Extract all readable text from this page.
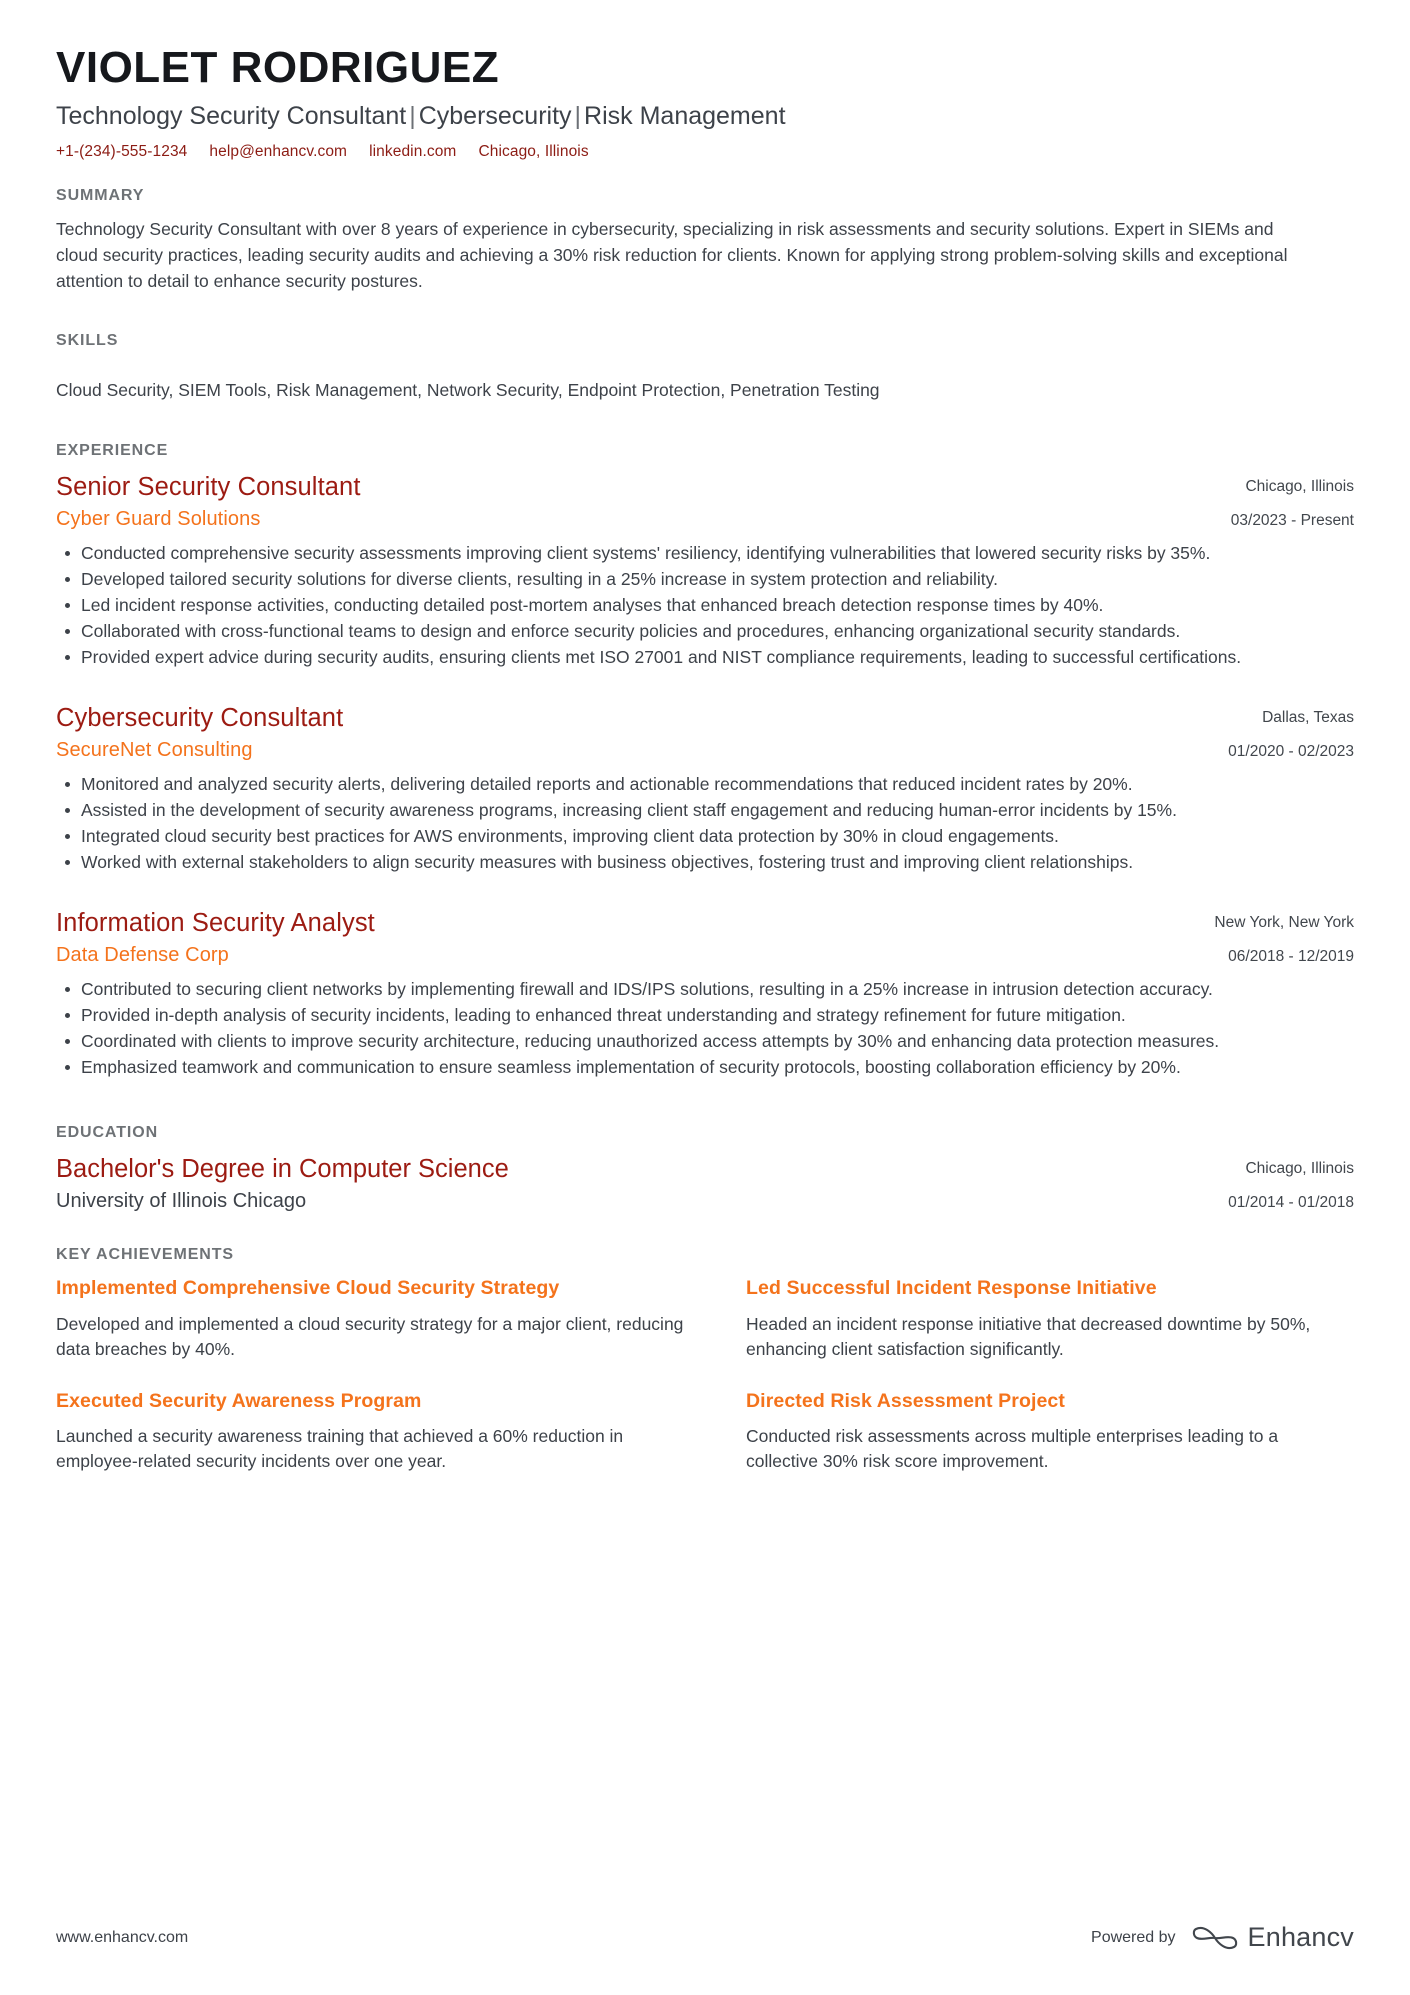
VIOLET RODRIGUEZ
Technology Security Consultant | Cybersecurity | Risk Management
+1-(234)-555-1234 help@enhancv.com linkedin.com Chicago, Illinois
SUMMARY

Technology Security Consultant with over 8 years of experience in cybersecurity, specializing in risk assessments and security solutions. Expert in SIEMs and cloud security practices, leading security audits and achieving a 30% risk reduction for clients. Known for applying strong problem-solving skills and exceptional attention to detail to enhance security postures.

SKILLS

Cloud Security, SIEM Tools, Risk Management, Network Security, Endpoint Protection, Penetration Testing

EXPERIENCE
Senior Security Consultant
Cyber Guard Solutions
Chicago, Illinois
03/2023 - Present
Conducted comprehensive security assessments improving client systems' resiliency, identifying vulnerabilities that lowered security risks by 35%.
Developed tailored security solutions for diverse clients, resulting in a 25% increase in system protection and reliability.
Led incident response activities, conducting detailed post-mortem analyses that enhanced breach detection response times by 40%.
Collaborated with cross-functional teams to design and enforce security policies and procedures, enhancing organizational security standards.
Provided expert advice during security audits, ensuring clients met ISO 27001 and NIST compliance requirements, leading to successful certifications.
Cybersecurity Consultant
SecureNet Consulting
Dallas, Texas
01/2020 - 02/2023
Monitored and analyzed security alerts, delivering detailed reports and actionable recommendations that reduced incident rates by 20%.
Assisted in the development of security awareness programs, increasing client staff engagement and reducing human-error incidents by 15%.
Integrated cloud security best practices for AWS environments, improving client data protection by 30% in cloud engagements.
Worked with external stakeholders to align security measures with business objectives, fostering trust and improving client relationships.
Information Security Analyst
Data Defense Corp
New York, New York
06/2018 - 12/2019
Contributed to securing client networks by implementing firewall and IDS/IPS solutions, resulting in a 25% increase in intrusion detection accuracy.
Provided in-depth analysis of security incidents, leading to enhanced threat understanding and strategy refinement for future mitigation.
Coordinated with clients to improve security architecture, reducing unauthorized access attempts by 30% and enhancing data protection measures.
Emphasized teamwork and communication to ensure seamless implementation of security protocols, boosting collaboration efficiency by 20%.
EDUCATION
Bachelor's Degree in Computer Science
University of Illinois Chicago
Chicago, Illinois
01/2014 - 01/2018
KEY ACHIEVEMENTS
Implemented Comprehensive Cloud Security Strategy
Developed and implemented a cloud security strategy for a major client, reducing data breaches by 40%.
Led Successful Incident Response Initiative
Headed an incident response initiative that decreased downtime by 50%, enhancing client satisfaction significantly.
Executed Security Awareness Program
Launched a security awareness training that achieved a 60% reduction in employee-related security incidents over one year.
Directed Risk Assessment Project
Conducted risk assessments across multiple enterprises leading to a collective 30% risk score improvement.
www.enhancv.com	Powered by	Enhancv
